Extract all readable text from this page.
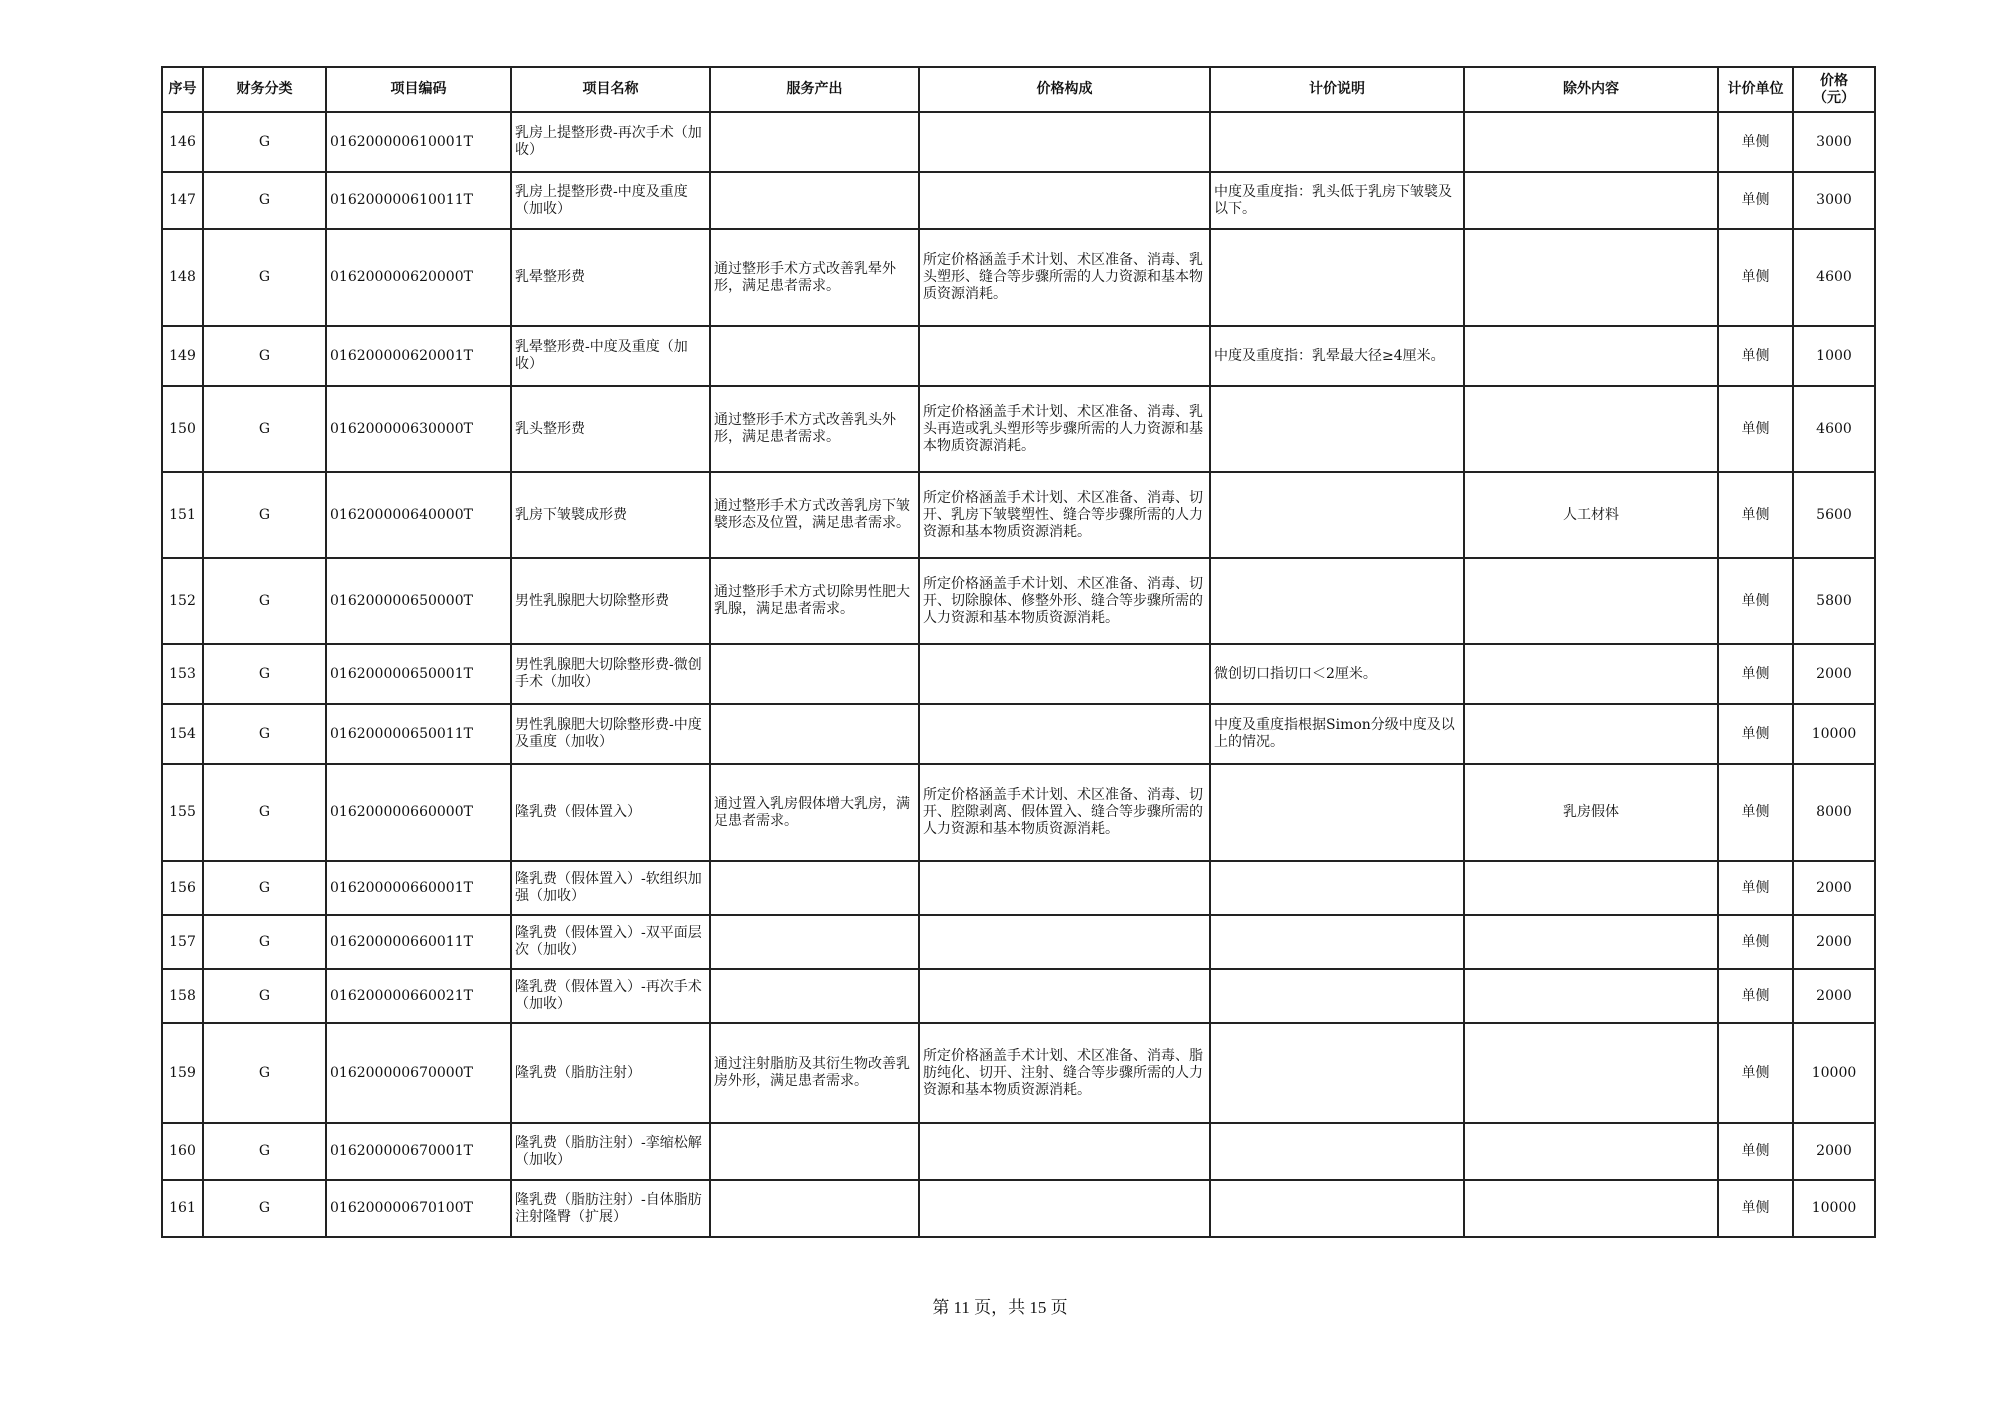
序号	财务分类	项目编码	项目名称	服务产出	价格构成	计价说明	除外内容	计价单位	价格（元）
146	G	016200000610001T	乳房上提整形费-再次手术（加收）					单侧	3000
147	G	016200000610011T	乳房上提整形费-中度及重度（加收）			中度及重度指：乳头低于乳房下皱襞及以下。		单侧	3000
148	G	016200000620000T	乳晕整形费	通过整形手术方式改善乳晕外形，满足患者需求。	所定价格涵盖手术计划、术区准备、消毒、乳头塑形、缝合等步骤所需的人力资源和基本物质资源消耗。			单侧	4600
149	G	016200000620001T	乳晕整形费-中度及重度（加收）			中度及重度指：乳晕最大径≥4厘米。		单侧	1000
150	G	016200000630000T	乳头整形费	通过整形手术方式改善乳头外形，满足患者需求。	所定价格涵盖手术计划、术区准备、消毒、乳头再造或乳头塑形等步骤所需的人力资源和基本物质资源消耗。			单侧	4600
151	G	016200000640000T	乳房下皱襞成形费	通过整形手术方式改善乳房下皱襞形态及位置，满足患者需求。	所定价格涵盖手术计划、术区准备、消毒、切开、乳房下皱襞塑性、缝合等步骤所需的人力资源和基本物质资源消耗。		人工材料	单侧	5600
152	G	016200000650000T	男性乳腺肥大切除整形费	通过整形手术方式切除男性肥大乳腺，满足患者需求。	所定价格涵盖手术计划、术区准备、消毒、切开、切除腺体、修整外形、缝合等步骤所需的人力资源和基本物质资源消耗。			单侧	5800
153	G	016200000650001T	男性乳腺肥大切除整形费-微创手术（加收）			微创切口指切口＜2厘米。		单侧	2000
154	G	016200000650011T	男性乳腺肥大切除整形费-中度及重度（加收）			中度及重度指根据Simon分级中度及以上的情况。		单侧	10000
155	G	016200000660000T	隆乳费（假体置入）	通过置入乳房假体增大乳房，满足患者需求。	所定价格涵盖手术计划、术区准备、消毒、切开、腔隙剥离、假体置入、缝合等步骤所需的人力资源和基本物质资源消耗。		乳房假体	单侧	8000
156	G	016200000660001T	隆乳费（假体置入）-软组织加强（加收）					单侧	2000
157	G	016200000660011T	隆乳费（假体置入）-双平面层次（加收）					单侧	2000
158	G	016200000660021T	隆乳费（假体置入）-再次手术（加收）					单侧	2000
159	G	016200000670000T	隆乳费（脂肪注射）	通过注射脂肪及其衍生物改善乳房外形，满足患者需求。	所定价格涵盖手术计划、术区准备、消毒、脂肪纯化、切开、注射、缝合等步骤所需的人力资源和基本物质资源消耗。			单侧	10000
160	G	016200000670001T	隆乳费（脂肪注射）-挛缩松解（加收）					单侧	2000
161	G	016200000670100T	隆乳费（脂肪注射）-自体脂肪注射隆臀（扩展）					单侧	10000
第 11 页，共 15 页
